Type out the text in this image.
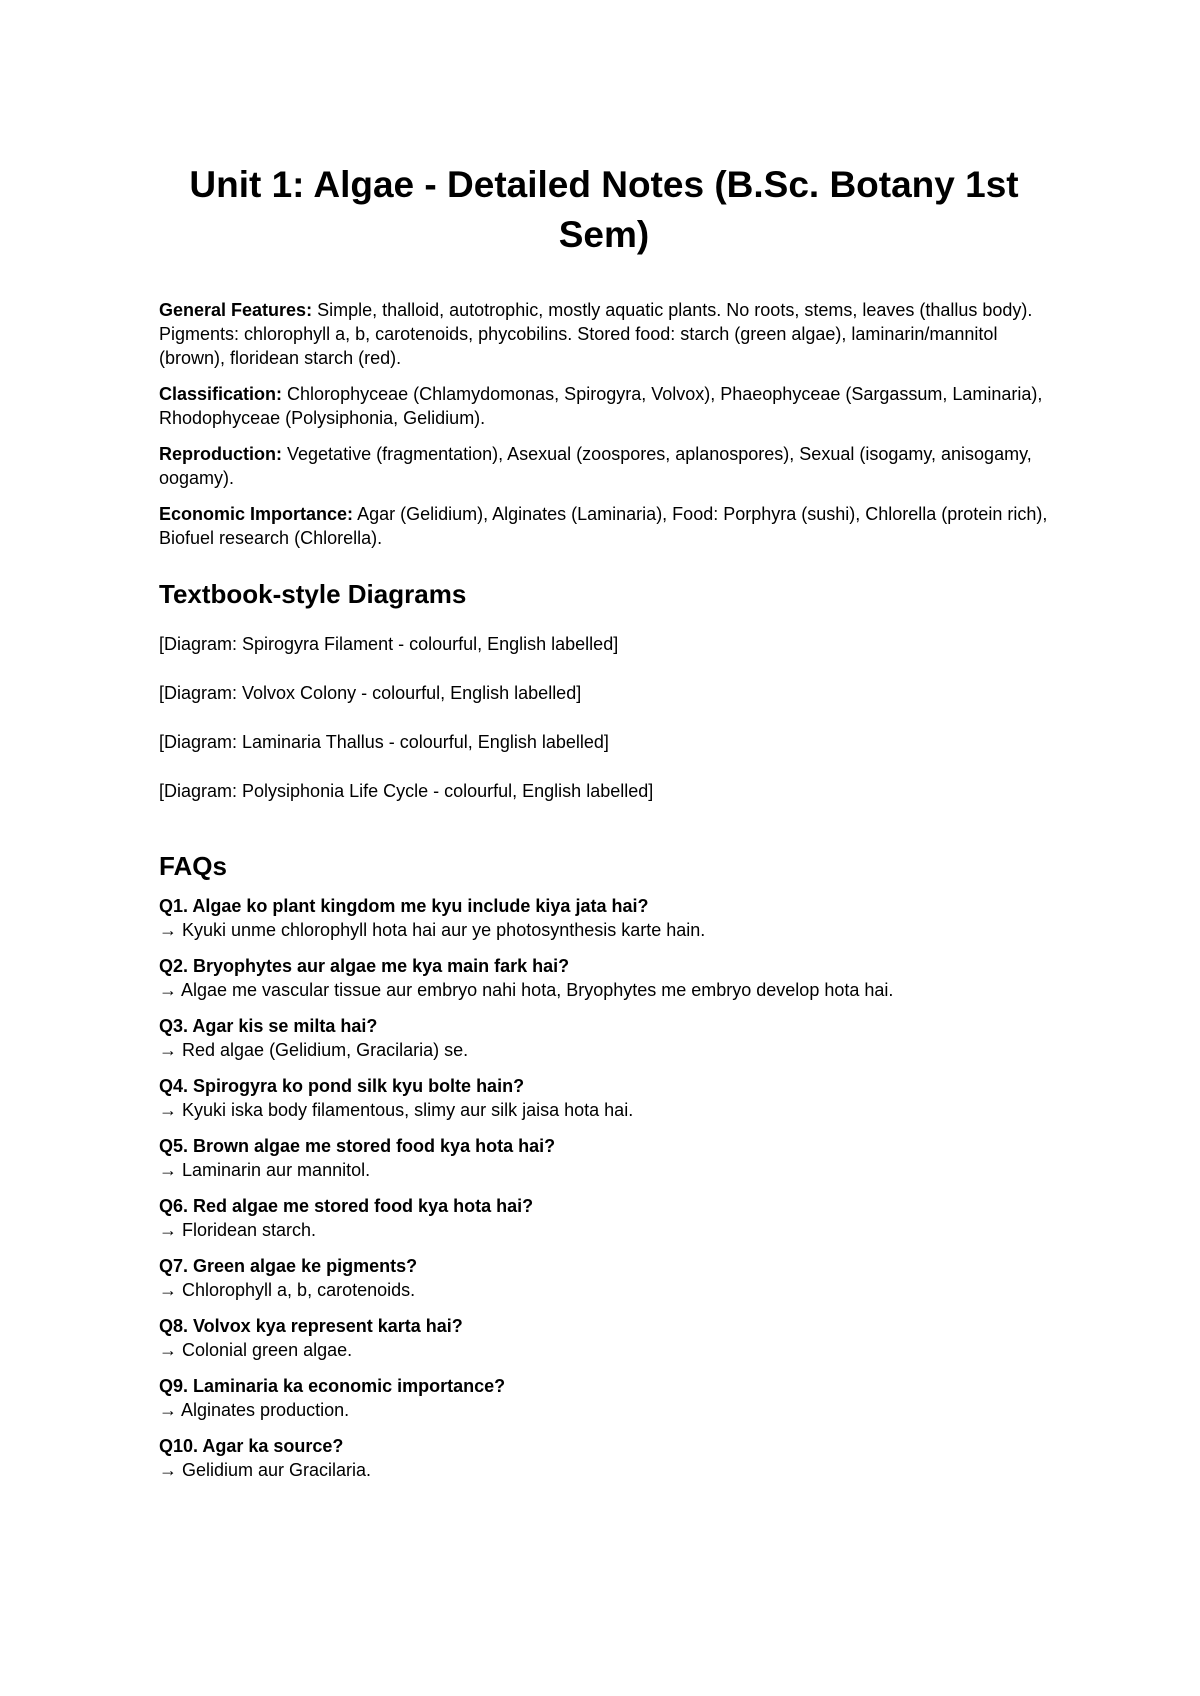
Unit 1: Algae - Detailed Notes (B.Sc. Botany 1st Sem)

General Features: Simple, thalloid, autotrophic, mostly aquatic plants. No roots, stems, leaves (thallus body). Pigments: chlorophyll a, b, carotenoids, phycobilins. Stored food: starch (green algae), laminarin/mannitol (brown), floridean starch (red).

Classification: Chlorophyceae (Chlamydomonas, Spirogyra, Volvox), Phaeophyceae (Sargassum, Laminaria), Rhodophyceae (Polysiphonia, Gelidium).

Reproduction: Vegetative (fragmentation), Asexual (zoospores, aplanospores), Sexual (isogamy, anisogamy, oogamy).

Economic Importance: Agar (Gelidium), Alginates (Laminaria), Food: Porphyra (sushi), Chlorella (protein rich), Biofuel research (Chlorella).

Textbook-style Diagrams
[Diagram: Spirogyra Filament - colourful, English labelled]
[Diagram: Volvox Colony - colourful, English labelled]
[Diagram: Laminaria Thallus - colourful, English labelled]
[Diagram: Polysiphonia Life Cycle - colourful, English labelled]
FAQs
Q1. Algae ko plant kingdom me kyu include kiya jata hai?
→ Kyuki unme chlorophyll hota hai aur ye photosynthesis karte hain.
Q2. Bryophytes aur algae me kya main fark hai?
→ Algae me vascular tissue aur embryo nahi hota, Bryophytes me embryo develop hota hai.
Q3. Agar kis se milta hai?
→ Red algae (Gelidium, Gracilaria) se.
Q4. Spirogyra ko pond silk kyu bolte hain?
→ Kyuki iska body filamentous, slimy aur silk jaisa hota hai.
Q5. Brown algae me stored food kya hota hai?
→ Laminarin aur mannitol.
Q6. Red algae me stored food kya hota hai?
→ Floridean starch.
Q7. Green algae ke pigments?
→ Chlorophyll a, b, carotenoids.
Q8. Volvox kya represent karta hai?
→ Colonial green algae.
Q9. Laminaria ka economic importance?
→ Alginates production.
Q10. Agar ka source?
→ Gelidium aur Gracilaria.
